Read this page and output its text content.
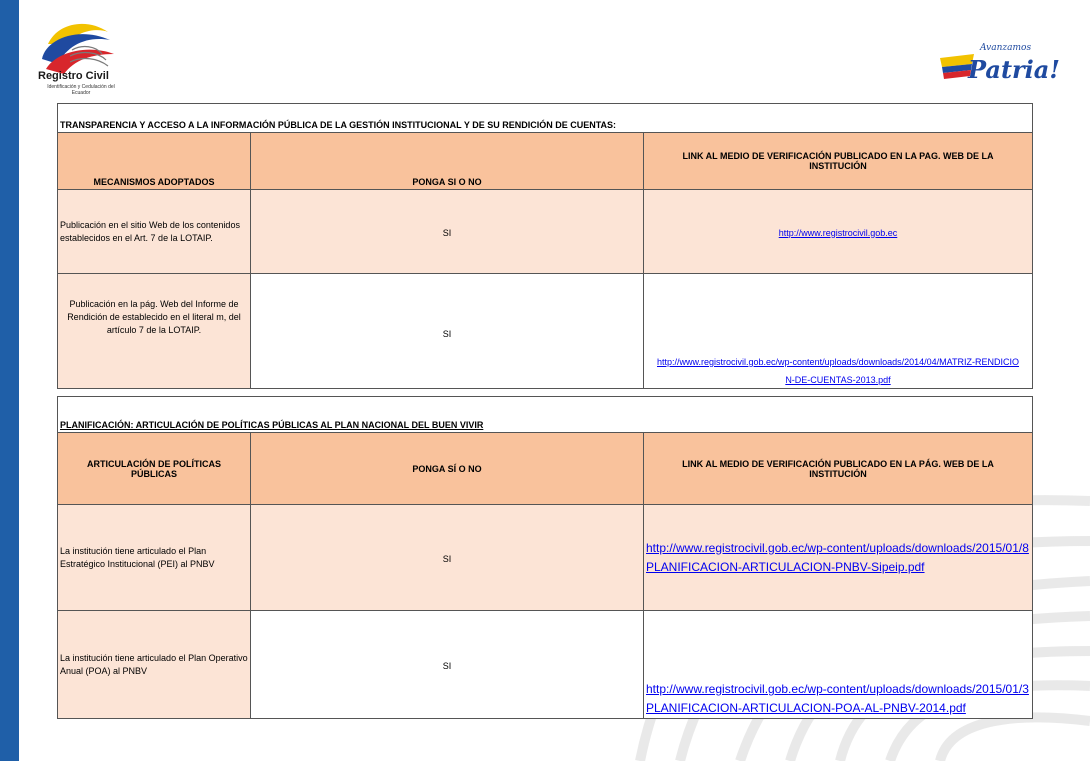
Registro Civil
Identificación y Cedulación del Ecuador
Avanzamos
Patria!
TRANSPARENCIA Y ACCESO A LA INFORMACIÓN PÚBLICA DE LA GESTIÓN INSTITUCIONAL Y DE SU RENDICIÓN DE CUENTAS:		
MECANISMOS ADOPTADOS	PONGA SI O NO	LINK AL MEDIO DE VERIFICACIÓN PUBLICADO EN LA PAG. WEB DE LA INSTITUCIÓN

Publicación en el sitio Web de los contenidos establecidos en el Art. 7 de la LOTAIP.	SI	http://www.registrocivil.gob.ec

Publicación en la pág. Web del Informe de Rendición de establecido en el literal m, del artículo 7 de la LOTAIP.	SI	http://www.registrocivil.gob.ec/wp-content/uploads/downloads/2014/04/MATRIZ-RENDICION-DE-CUENTAS-2013.pdf
PLANIFICACIÓN: ARTICULACIÓN DE POLÍTICAS PÚBLICAS AL PLAN NACIONAL DEL BUEN VIVIR		

ARTICULACIÓN DE POLÍTICAS PÚBLICAS	PONGA SÍ O NO	LINK AL MEDIO DE VERIFICACIÓN PUBLICADO EN LA PÁG. WEB DE LA INSTITUCIÓN

La institución tiene articulado el Plan Estratégico Institucional (PEI) al PNBV	SI	http://www.registrocivil.gob.ec/wp-content/uploads/downloads/2015/01/8PLANIFICACION-ARTICULACION-PNBV-Sipeip.pdf

La institución tiene articulado el Plan Operativo Anual (POA) al PNBV	SI	http://www.registrocivil.gob.ec/wp-content/uploads/downloads/2015/01/3PLANIFICACION-ARTICULACION-POA-AL-PNBV-2014.pdf
